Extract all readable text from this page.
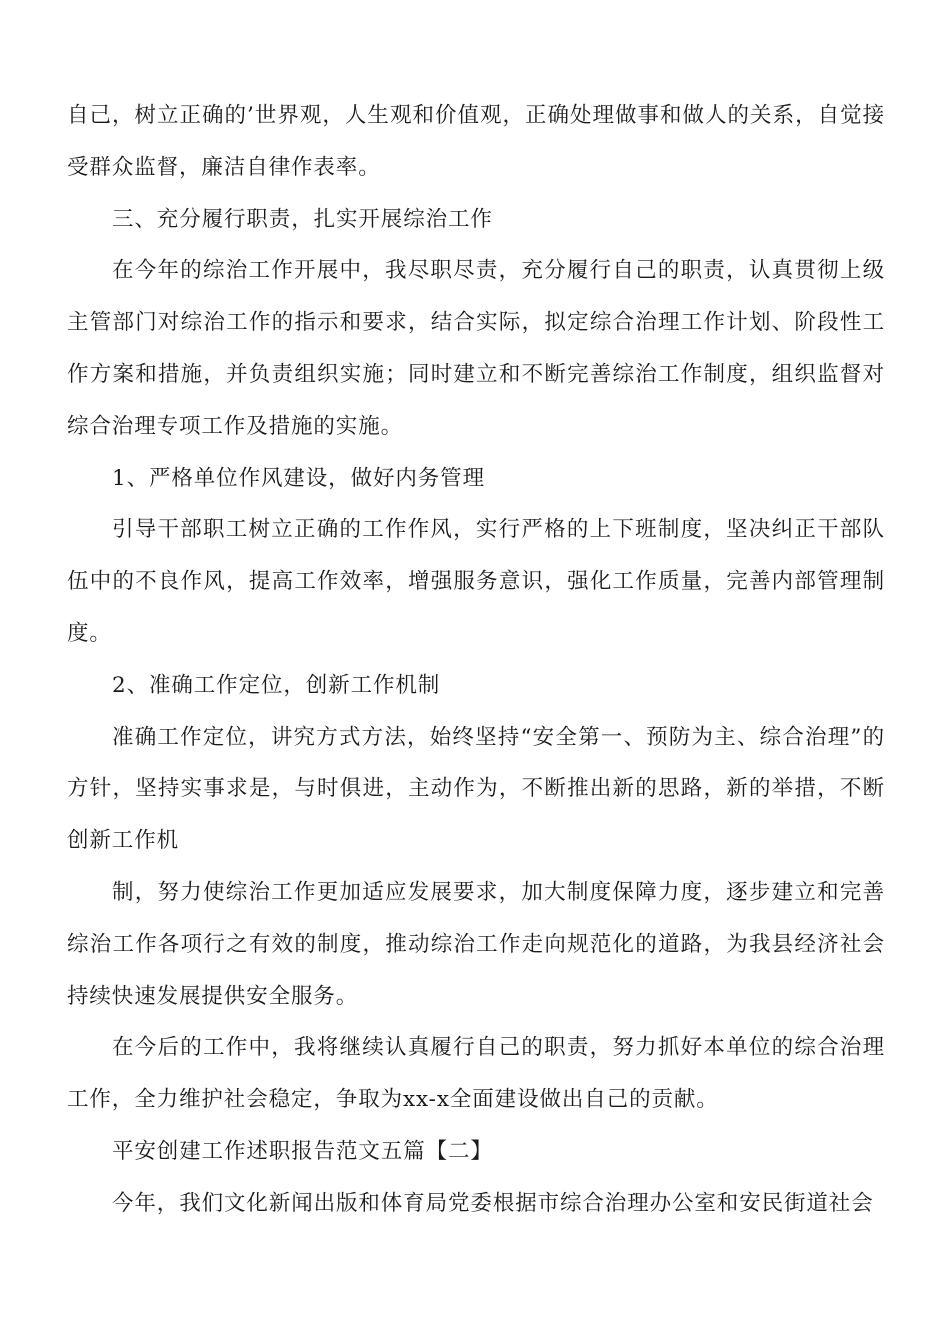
自己，树立正确的’世界观，人生观和价值观，正确处理做事和做人的关系，自觉接受群众监督，廉洁自律作表率。

三、充分履行职责，扎实开展综治工作

在今年的综治工作开展中，我尽职尽责，充分履行自己的职责，认真贯彻上级主管部门对综治工作的指示和要求，结合实际，拟定综合治理工作计划、阶段性工作方案和措施，并负责组织实施；同时建立和不断完善综治工作制度，组织监督对综合治理专项工作及措施的实施。

1、严格单位作风建设，做好内务管理

引导干部职工树立正确的工作作风，实行严格的上下班制度，坚决纠正干部队伍中的不良作风，提高工作效率，增强服务意识，强化工作质量，完善内部管理制度。

2、准确工作定位，创新工作机制

准确工作定位，讲究方式方法，始终坚持“安全第一、预防为主、综合治理”的方针，坚持实事求是，与时俱进，主动作为，不断推出新的思路，新的举措，不断创新工作机

制，努力使综治工作更加适应发展要求，加大制度保障力度，逐步建立和完善综治工作各项行之有效的制度，推动综治工作走向规范化的道路，为我县经济社会持续快速发展提供安全服务。

在今后的工作中，我将继续认真履行自己的职责，努力抓好本单位的综合治理工作，全力维护社会稳定，争取为xx-x全面建设做出自己的贡献。

平安创建工作述职报告范文五篇【二】

今年，我们文化新闻出版和体育局党委根据市综合治理办公室和安民街道社会
